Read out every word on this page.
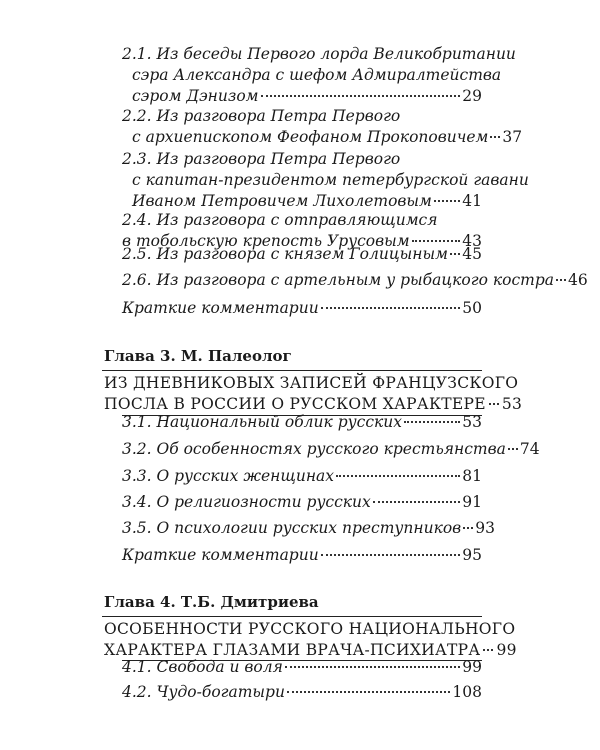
2.1. Из беседы Первого лорда Великобритании
сэра Александра с шефом Адмиралтейства
сэром Дэнизом	29
2.2. Из разговора Петра Первого
с архиепископом Феофаном Прокоповичем 37
2.3. Из разговора Петра Первого
с капитан-президентом петербургской гавани
Иваном Петровичем Лихолетовым 41
2.4. Из разговора с отправляющимся
в тобольскую крепость Урусовым	43
2.5. Из разговора с князем Голицыным 45
2.6. Из разговора с артельным у рыбацкого костра 46
Краткие комментарии	50
Глава 3. М. Палеолог
ИЗ ДНЕВНИКОВЫХ ЗАПИСЕЙ ФРАНЦУЗСКОГО
ПОСЛА В РОССИИ О РУССКОМ ХАРАКТЕРЕ 53
3.1. Национальный облик русских	53
3.2. Об особенностях русского крестьянства 74
3.3. О русских женщинах	81
3.4. О религиозности русских	91
3.5. О психологии русских преступников 93
Краткие комментарии	95
Глава 4. Т.Б. Дмитриева
ОСОБЕННОСТИ РУССКОГО НАЦИОНАЛЬНОГО
ХАРАКТЕРА ГЛАЗАМИ ВРАЧА-ПСИХИАТРА 99
4.1. Свобода и воля	99
4.2. Чудо-богатыри	108
